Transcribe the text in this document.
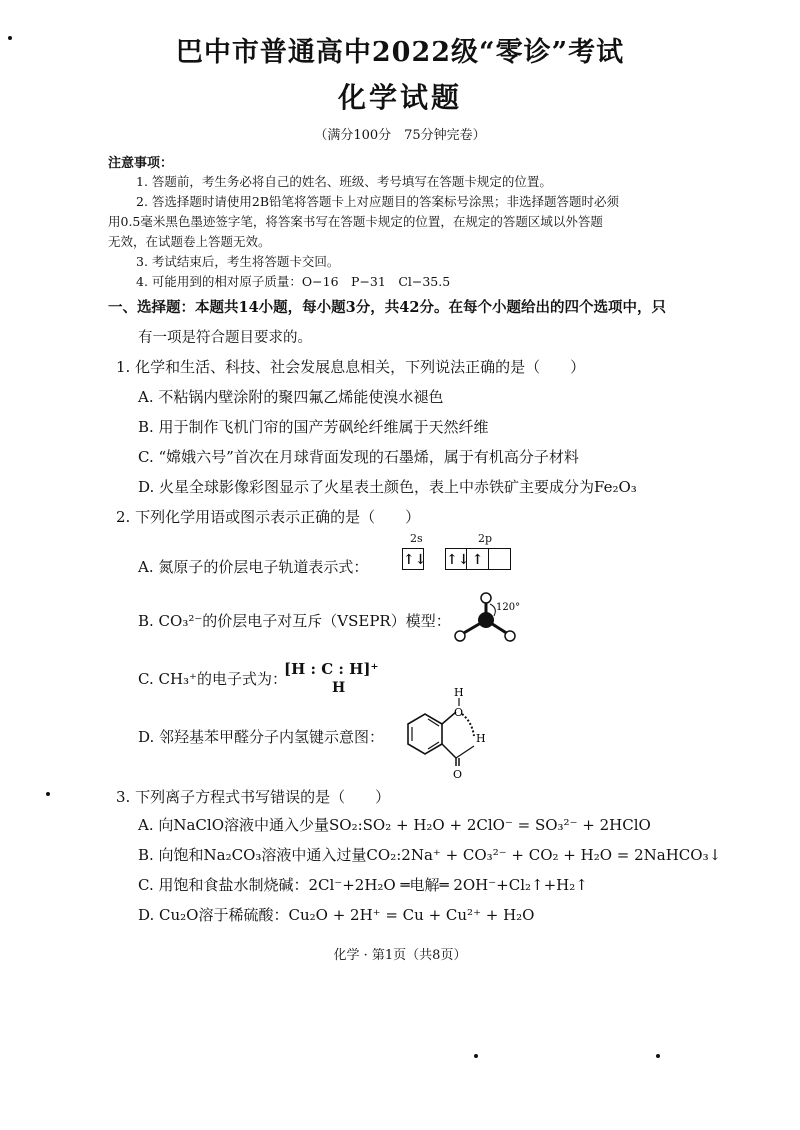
巴中市普通高中2022级“零诊”考试
化学试题
（满分100分　75分钟完卷）
注意事项：
1. 答题前，考生务必将自己的姓名、班级、考号填写在答题卡规定的位置。
2. 答选择题时请使用2B铅笔将答题卡上对应题目的答案标号涂黑；非选择题答题时必须
用0.5毫米黑色墨迹签字笔，将答案书写在答题卡规定的位置，在规定的答题区域以外答题
无效，在试题卷上答题无效。
3. 考试结束后，考生将答题卡交回。
4. 可能用到的相对原子质量：O−16　P−31　Cl−35.5
一、选择题：本题共14小题，每小题3分，共42分。在每个小题给出的四个选项中，只
有一项是符合题目要求的。
1. 化学和生活、科技、社会发展息息相关，下列说法正确的是（　　）
A. 不粘锅内壁涂附的聚四氟乙烯能使溴水褪色
B. 用于制作飞机门帘的国产芳砜纶纤维属于天然纤维
C. “嫦娥六号”首次在月球背面发现的石墨烯，属于有机高分子材料
D. 火星全球影像彩图显示了火星表土颜色，表上中赤铁矿主要成分为Fe₂O₃
2. 下列化学用语或图示表示正确的是（　　）
A. 氮原子的价层电子轨道表示式：
2s	2p
↑↓ ↑↓ ↑
B. CO₃²⁻的价层电子对互斥（VSEPR）模型：
120°
C. CH₃⁺的电子式为：
[H : C : H]⁺
H
D. 邻羟基苯甲醛分子内氢键示意图：
H
O
H
O
3. 下列离子方程式书写错误的是（　　）
A. 向NaClO溶液中通入少量SO₂:SO₂ + H₂O + 2ClO⁻ = SO₃²⁻ + 2HClO
B. 向饱和Na₂CO₃溶液中通入过量CO₂:2Na⁺ + CO₃²⁻ + CO₂ + H₂O = 2NaHCO₃↓
C. 用饱和食盐水制烧碱：2Cl⁻+2H₂O ═电解═ 2OH⁻+Cl₂↑+H₂↑
D. Cu₂O溶于稀硫酸：Cu₂O + 2H⁺ = Cu + Cu²⁺ + H₂O
化学 · 第1页（共8页）
